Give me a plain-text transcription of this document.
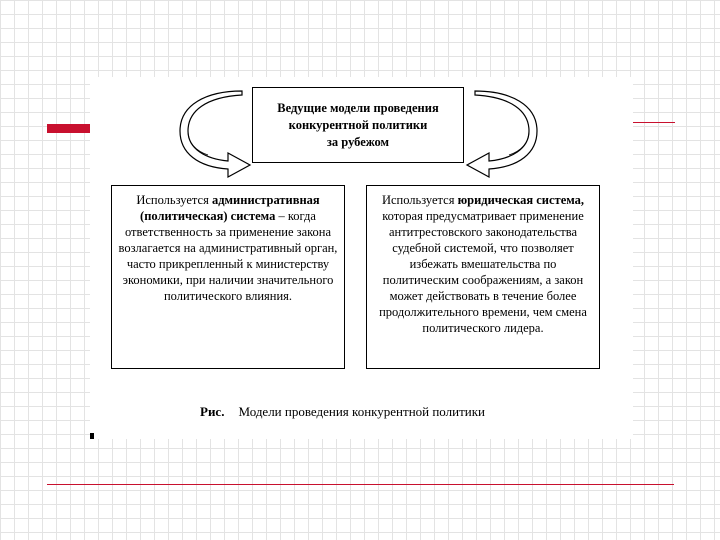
Ведущие модели проведения
конкурентной политики
за рубежом
Используется административная (политическая) система – когда ответственность за применение закона возлагается на административный орган, часто прикрепленный к министерству экономики, при наличии значительного политического влияния.
Используется юридическая система, которая предусматривает применение антитрестовского законодательства судебной системой, что позволяет избежать вмешательства по политическим соображениям, а закон может действовать в течение более продолжительного времени, чем смена политического лидера.
Рис. Модели проведения конкурентной политики
